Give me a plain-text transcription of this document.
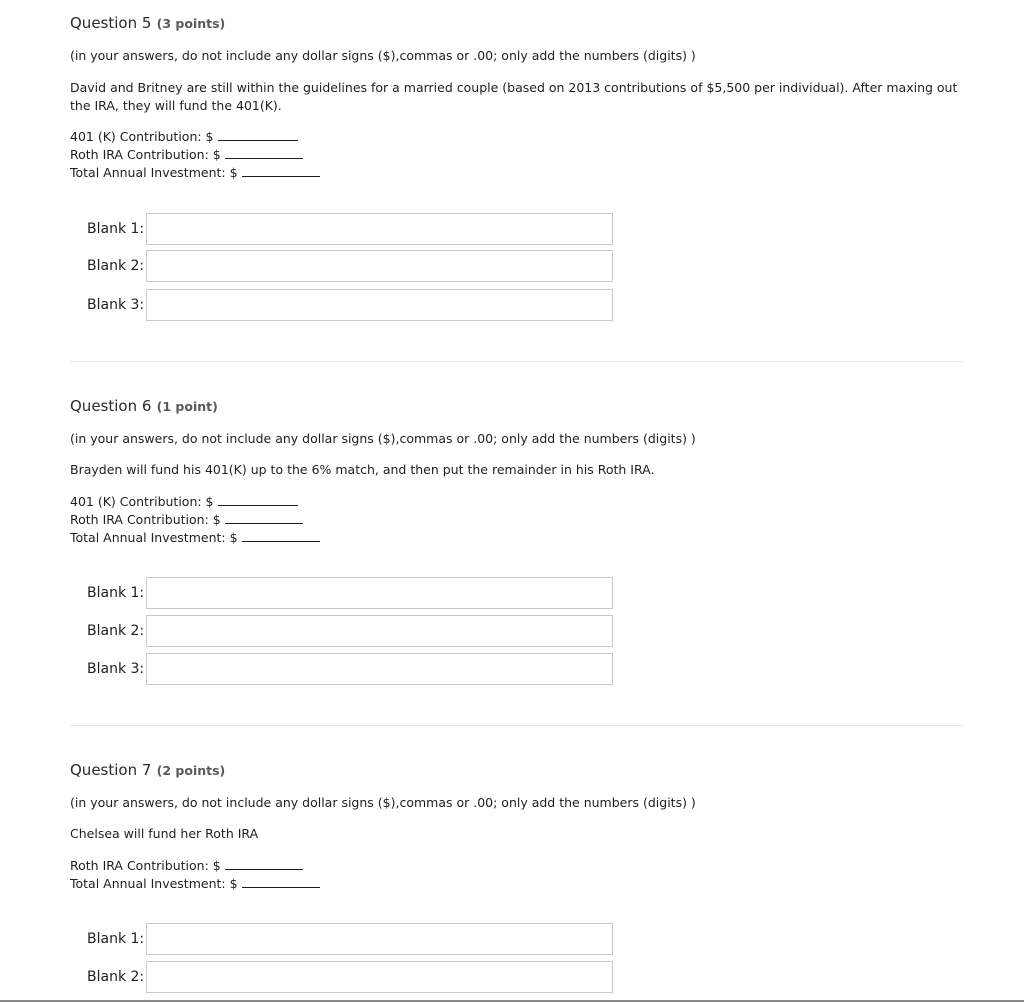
Question 5 (3 points)

(in your answers, do not include any dollar signs ($),commas or .00; only add the numbers (digits) )

David and Britney are still within the guidelines for a married couple (based on 2013 contributions of $5,500 per individual). After maxing out the IRA, they will fund the 401(K).

401 (K) Contribution: $
Roth IRA Contribution: $
Total Annual Investment: $
Blank 1:
Blank 2:
Blank 3:
Question 6 (1 point)

(in your answers, do not include any dollar signs ($),commas or .00; only add the numbers (digits) )

Brayden will fund his 401(K) up to the 6% match, and then put the remainder in his Roth IRA.

401 (K) Contribution: $
Roth IRA Contribution: $
Total Annual Investment: $
Blank 1:
Blank 2:
Blank 3:
Question 7 (2 points)

(in your answers, do not include any dollar signs ($),commas or .00; only add the numbers (digits) )

Chelsea will fund her Roth IRA

Roth IRA Contribution: $
Total Annual Investment: $
Blank 1:
Blank 2:
